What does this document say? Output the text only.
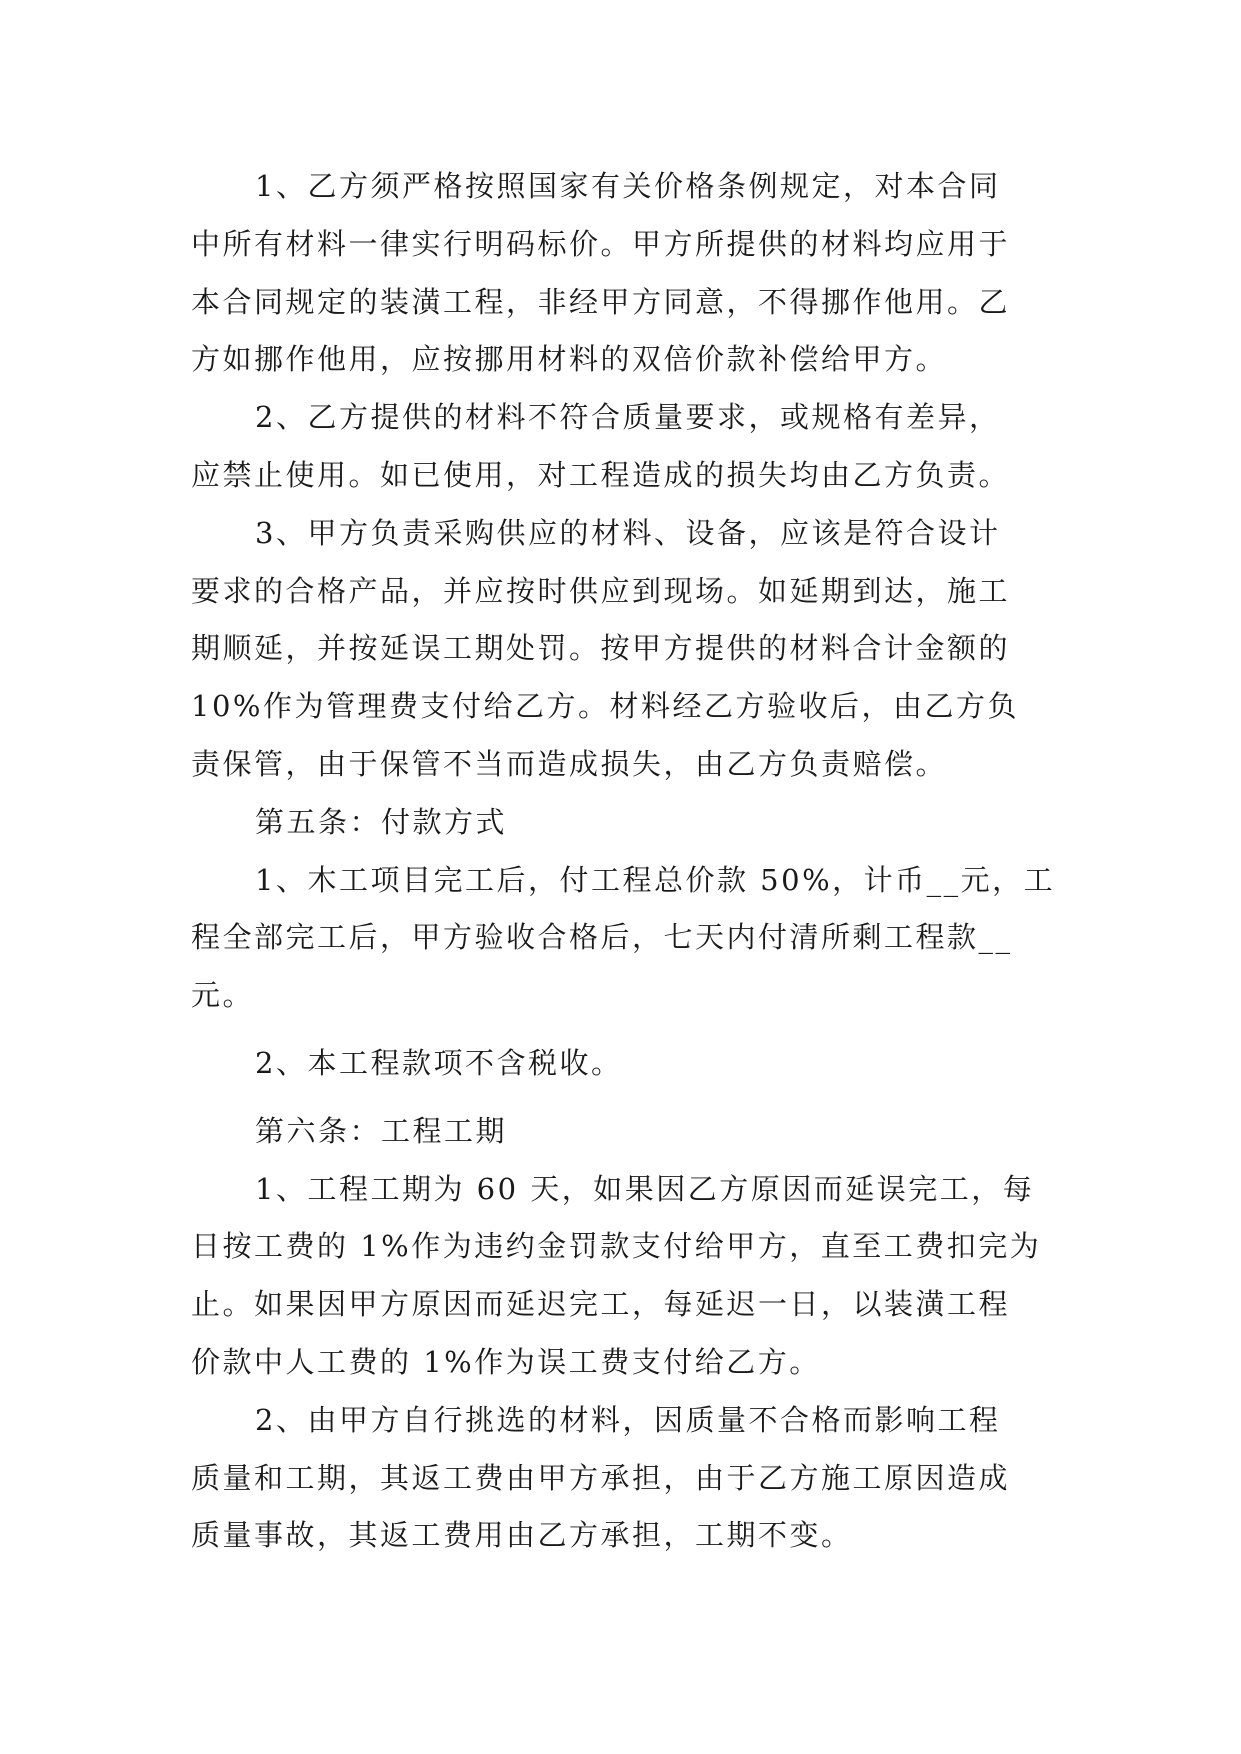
1、乙方须严格按照国家有关价格条例规定，对本合同
中所有材料一律实行明码标价。甲方所提供的材料均应用于
本合同规定的装潢工程，非经甲方同意，不得挪作他用。乙
方如挪作他用，应按挪用材料的双倍价款补偿给甲方。
2、乙方提供的材料不符合质量要求，或规格有差异，
应禁止使用。如已使用，对工程造成的损失均由乙方负责。
3、甲方负责采购供应的材料、设备，应该是符合设计
要求的合格产品，并应按时供应到现场。如延期到达，施工
期顺延，并按延误工期处罚。按甲方提供的材料合计金额的
10%作为管理费支付给乙方。材料经乙方验收后，由乙方负
责保管，由于保管不当而造成损失，由乙方负责赔偿。
第五条：付款方式
1、木工项目完工后，付工程总价款 50%，计币__元，工
程全部完工后，甲方验收合格后，七天内付清所剩工程款__
元。
2、本工程款项不含税收。
第六条：工程工期
1、工程工期为 60 天，如果因乙方原因而延误完工，每
日按工费的 1%作为违约金罚款支付给甲方，直至工费扣完为
止。如果因甲方原因而延迟完工，每延迟一日，以装潢工程
价款中人工费的 1%作为误工费支付给乙方。
2、由甲方自行挑选的材料，因质量不合格而影响工程
质量和工期，其返工费由甲方承担，由于乙方施工原因造成
质量事故，其返工费用由乙方承担，工期不变。
